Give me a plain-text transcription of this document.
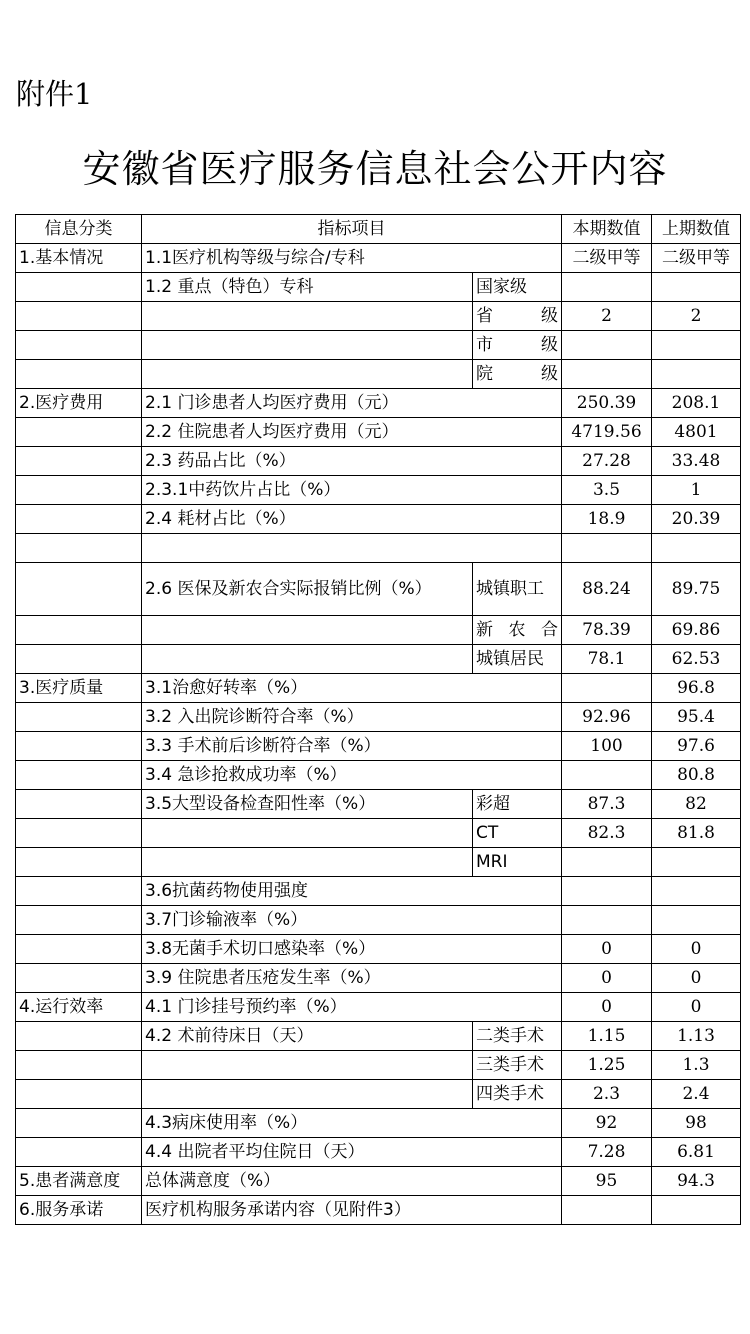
附件1
安徽省医疗服务信息社会公开内容
信息分类	指标项目		本期数值	上期数值
1.基本情况	1.1医疗机构等级与综合/专科		二级甲等	二级甲等
	1.2 重点（特色）专科	国家级		
		省 级	2	2
		市 级		
		院 级		
2.医疗费用	2.1 门诊患者人均医疗费用（元）		250.39	208.1
	2.2 住院患者人均医疗费用（元）		4719.56	4801
	2.3 药品占比（%）		27.28	33.48
	2.3.1中药饮片占比（%）		3.5	1
	2.4 耗材占比（%）		18.9	20.39

	2.6 医保及新农合实际报销比例（%）	城镇职工	88.24	89.75
		新 农 合	78.39	69.86
		城镇居民	78.1	62.53
3.医疗质量	3.1治愈好转率（%）			96.8
	3.2 入出院诊断符合率（%）		92.96	95.4
	3.3 手术前后诊断符合率（%）		100	97.6
	3.4 急诊抢救成功率（%）			80.8
	3.5大型设备检查阳性率（%）	彩超	87.3	82
		CT	82.3	81.8
		MRI		
	3.6抗菌药物使用强度			
	3.7门诊输液率（%）			
	3.8无菌手术切口感染率（%）		0	0
	3.9 住院患者压疮发生率（%）		0	0
4.运行效率	4.1 门诊挂号预约率（%）		0	0
	4.2 术前待床日（天）	二类手术	1.15	1.13
		三类手术	1.25	1.3
		四类手术	2.3	2.4
	4.3病床使用率（%）		92	98
	4.4 出院者平均住院日（天）		7.28	6.81
5.患者满意度	总体满意度（%）		95	94.3
6.服务承诺	医疗机构服务承诺内容（见附件3）			
